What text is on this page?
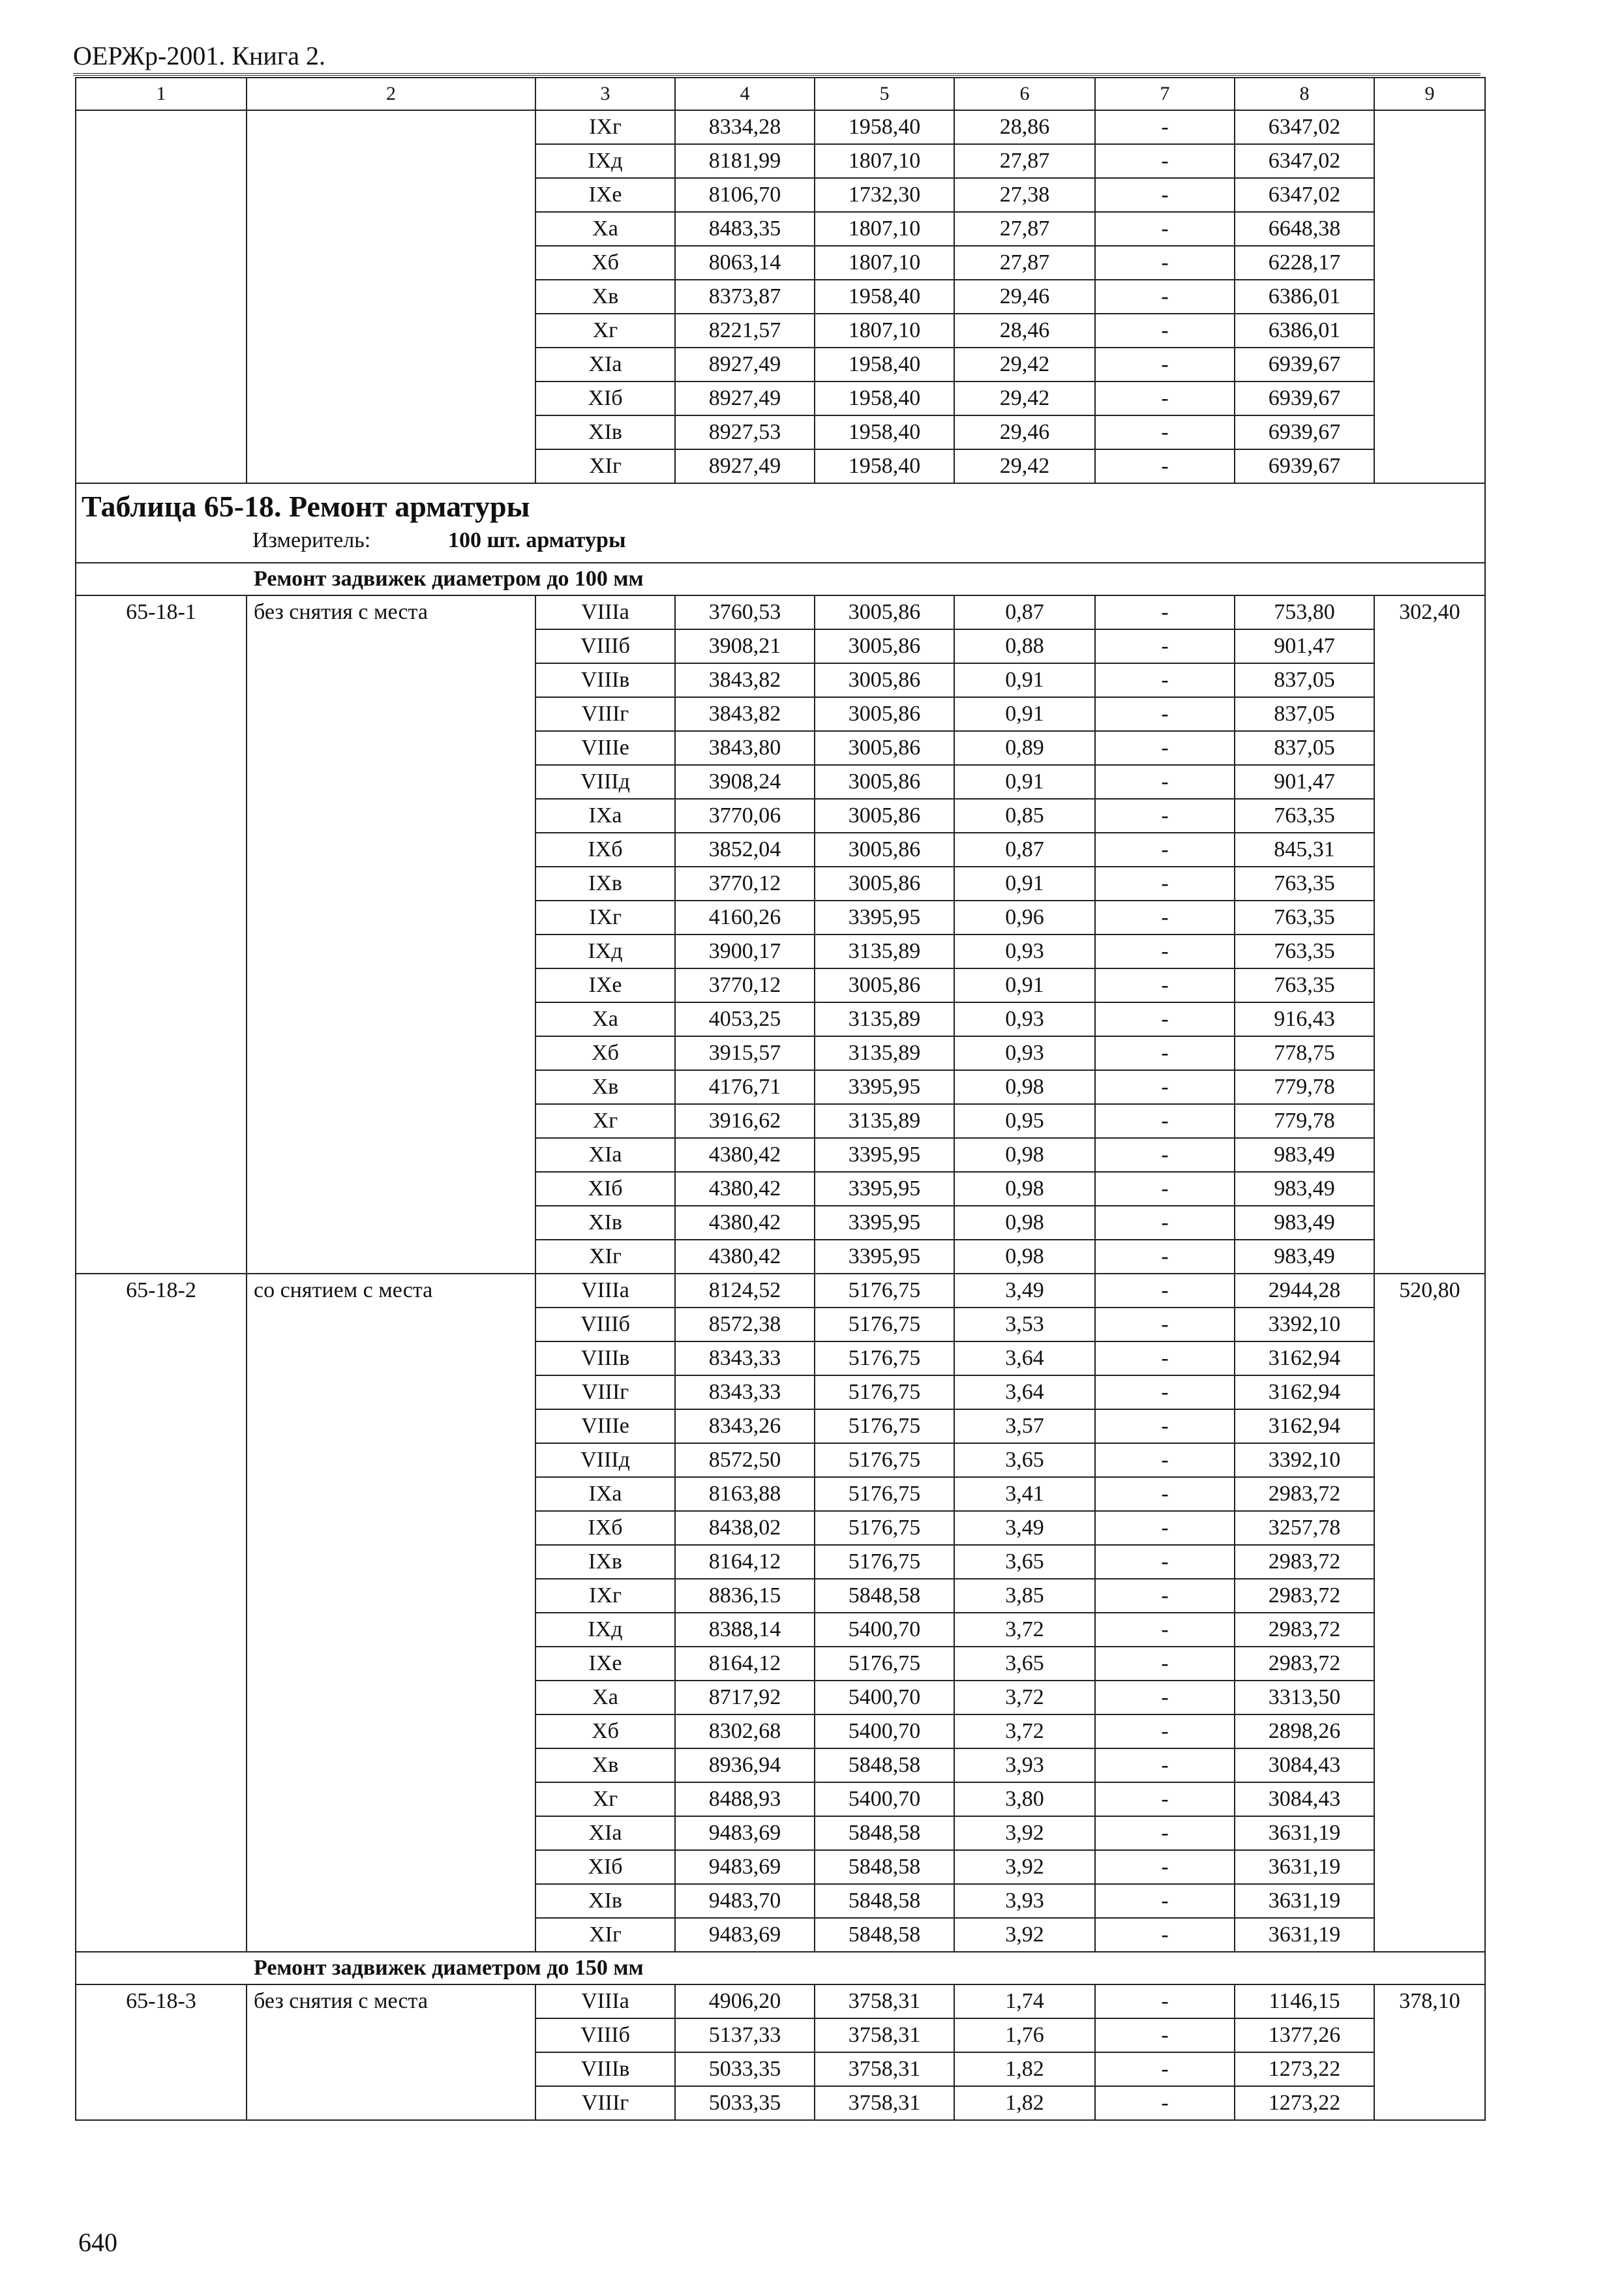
ОЕРЖр-2001. Книга 2.
1	2	3	4	5	6	7	8	9
		IXг	8334,28	1958,40	28,86	-	6347,02	
		IXд	8181,99	1807,10	27,87	-	6347,02	
		IXе	8106,70	1732,30	27,38	-	6347,02	
		Xа	8483,35	1807,10	27,87	-	6648,38	
		Xб	8063,14	1807,10	27,87	-	6228,17	
		Xв	8373,87	1958,40	29,46	-	6386,01	
		Xг	8221,57	1807,10	28,46	-	6386,01	
		XIа	8927,49	1958,40	29,42	-	6939,67	
		XIб	8927,49	1958,40	29,42	-	6939,67	
		XIв	8927,53	1958,40	29,46	-	6939,67	
		XIг	8927,49	1958,40	29,42	-	6939,67	

Таблица 65-18. Ремонт арматуры
Измеритель: 100 шт. арматуры								

Ремонт задвижек диаметром до 100 мм								
65-18-1	без снятия с места	VIIIа	3760,53	3005,86	0,87	-	753,80	302,40
		VIIIб	3908,21	3005,86	0,88	-	901,47	
		VIIIв	3843,82	3005,86	0,91	-	837,05	
		VIIIг	3843,82	3005,86	0,91	-	837,05	
		VIIIе	3843,80	3005,86	0,89	-	837,05	
		VIIIд	3908,24	3005,86	0,91	-	901,47	
		IXа	3770,06	3005,86	0,85	-	763,35	
		IXб	3852,04	3005,86	0,87	-	845,31	
		IXв	3770,12	3005,86	0,91	-	763,35	
		IXг	4160,26	3395,95	0,96	-	763,35	
		IXд	3900,17	3135,89	0,93	-	763,35	
		IXе	3770,12	3005,86	0,91	-	763,35	
		Xа	4053,25	3135,89	0,93	-	916,43	
		Xб	3915,57	3135,89	0,93	-	778,75	
		Xв	4176,71	3395,95	0,98	-	779,78	
		Xг	3916,62	3135,89	0,95	-	779,78	
		XIа	4380,42	3395,95	0,98	-	983,49	
		XIб	4380,42	3395,95	0,98	-	983,49	
		XIв	4380,42	3395,95	0,98	-	983,49	
		XIг	4380,42	3395,95	0,98	-	983,49	
65-18-2	со снятием с места	VIIIа	8124,52	5176,75	3,49	-	2944,28	520,80
		VIIIб	8572,38	5176,75	3,53	-	3392,10	
		VIIIв	8343,33	5176,75	3,64	-	3162,94	
		VIIIг	8343,33	5176,75	3,64	-	3162,94	
		VIIIе	8343,26	5176,75	3,57	-	3162,94	
		VIIIд	8572,50	5176,75	3,65	-	3392,10	
		IXа	8163,88	5176,75	3,41	-	2983,72	
		IXб	8438,02	5176,75	3,49	-	3257,78	
		IXв	8164,12	5176,75	3,65	-	2983,72	
		IXг	8836,15	5848,58	3,85	-	2983,72	
		IXд	8388,14	5400,70	3,72	-	2983,72	
		IXе	8164,12	5176,75	3,65	-	2983,72	
		Xа	8717,92	5400,70	3,72	-	3313,50	
		Xб	8302,68	5400,70	3,72	-	2898,26	
		Xв	8936,94	5848,58	3,93	-	3084,43	
		Xг	8488,93	5400,70	3,80	-	3084,43	
		XIа	9483,69	5848,58	3,92	-	3631,19	
		XIб	9483,69	5848,58	3,92	-	3631,19	
		XIв	9483,70	5848,58	3,93	-	3631,19	
		XIг	9483,69	5848,58	3,92	-	3631,19	
Ремонт задвижек диаметром до 150 мм								
65-18-3	без снятия с места	VIIIа	4906,20	3758,31	1,74	-	1146,15	378,10
		VIIIб	5137,33	3758,31	1,76	-	1377,26	
		VIIIв	5033,35	3758,31	1,82	-	1273,22	
		VIIIг	5033,35	3758,31	1,82	-	1273,22	
640
